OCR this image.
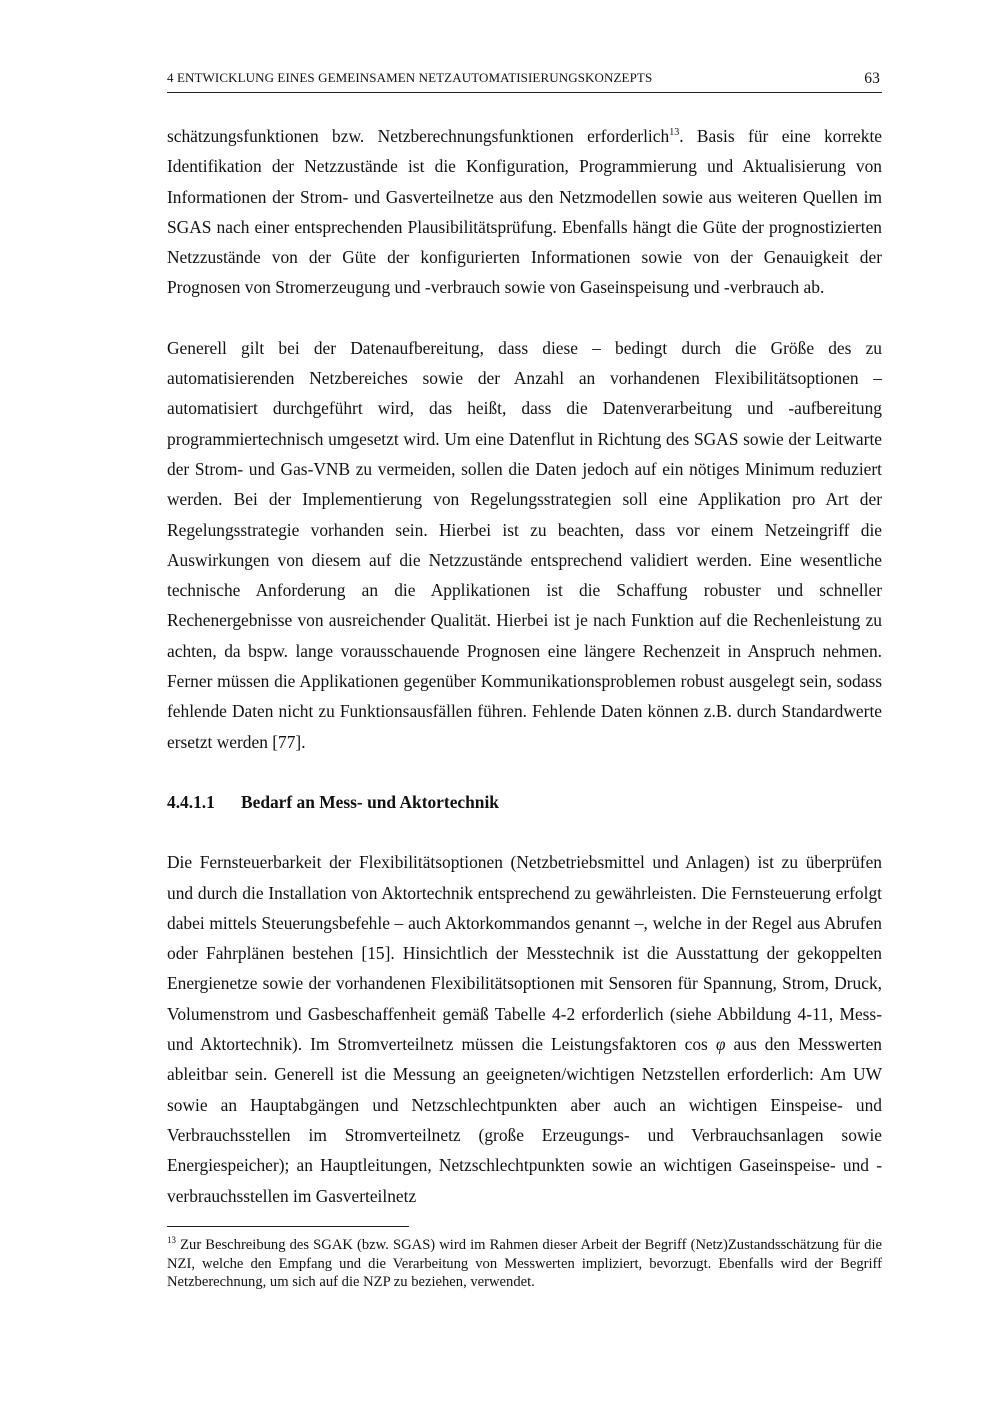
4 ENTWICKLUNG EINES GEMEINSAMEN NETZAUTOMATISIERUNGSKONZEPTS	63

schätzungsfunktionen bzw. Netzberechnungsfunktionen erforderlich$^{13}$. Basis für eine korrekte Identifikation der Netzzustände ist die Konfiguration, Programmierung und Aktualisierung von Informationen der Strom- und Gasverteilnetze aus den Netzmodellen sowie aus weiteren Quellen im SGAS nach einer entsprechenden Plausibilitätsprüfung. Ebenfalls hängt die Güte der prognostizierten Netzzustände von der Güte der konfigurierten Informationen sowie von der Genauigkeit der Prognosen von Stromerzeugung und -verbrauch sowie von Gaseinspeisung und -verbrauch ab.

Generell gilt bei der Datenaufbereitung, dass diese – bedingt durch die Größe des zu automatisierenden Netzbereiches sowie der Anzahl an vorhandenen Flexibilitätsoptionen – automatisiert durchgeführt wird, das heißt, dass die Datenverarbeitung und -aufbereitung programmiertechnisch umgesetzt wird. Um eine Datenflut in Richtung des SGAS sowie der Leitwarte der Strom- und Gas-VNB zu vermeiden, sollen die Daten jedoch auf ein nötiges Minimum reduziert werden. Bei der Implementierung von Regelungsstrategien soll eine Applikation pro Art der Regelungsstrategie vorhanden sein. Hierbei ist zu beachten, dass vor einem Netzeingriff die Auswirkungen von diesem auf die Netzzustände entsprechend validiert werden. Eine wesentliche technische Anforderung an die Applikationen ist die Schaffung robuster und schneller Rechenergebnisse von ausreichender Qualität. Hierbei ist je nach Funktion auf die Rechenleistung zu achten, da bspw. lange vorausschauende Prognosen eine längere Rechenzeit in Anspruch nehmen. Ferner müssen die Applikationen gegenüber Kommunikationsproblemen robust ausgelegt sein, sodass fehlende Daten nicht zu Funktionsausfällen führen. Fehlende Daten können z.B. durch Standardwerte ersetzt werden [77].

4.4.1.1 Bedarf an Mess- und Aktortechnik

Die Fernsteuerbarkeit der Flexibilitätsoptionen (Netzbetriebsmittel und Anlagen) ist zu überprüfen und durch die Installation von Aktortechnik entsprechend zu gewährleisten. Die Fernsteuerung erfolgt dabei mittels Steuerungsbefehle – auch Aktorkommandos genannt –, welche in der Regel aus Abrufen oder Fahrplänen bestehen [15]. Hinsichtlich der Messtechnik ist die Ausstattung der gekoppelten Energienetze sowie der vorhandenen Flexibilitätsoptionen mit Sensoren für Spannung, Strom, Druck, Volumenstrom und Gasbeschaffenheit gemäß Tabelle 4-2 erforderlich (siehe Abbildung 4-11, Mess- und Aktortechnik). Im Stromverteilnetz müssen die Leistungsfaktoren cos φ aus den Messwerten ableitbar sein. Generell ist die Messung an geeigneten/wichtigen Netzstellen erforderlich: Am UW sowie an Hauptabgängen und Netzschlechtpunkten aber auch an wichtigen Einspeise- und Verbrauchsstellen im Stromverteilnetz (große Erzeugungs- und Verbrauchsanlagen sowie Energiespeicher); an Hauptleitungen, Netzschlechtpunkten sowie an wichtigen Gaseinspeise- und -verbrauchsstellen im Gasverteilnetz

$^{13}$ Zur Beschreibung des SGAK (bzw. SGAS) wird im Rahmen dieser Arbeit der Begriff (Netz)Zustandsschätzung für die NZI, welche den Empfang und die Verarbeitung von Messwerten impliziert, bevorzugt. Ebenfalls wird der Begriff Netzberechnung, um sich auf die NZP zu beziehen, verwendet.
